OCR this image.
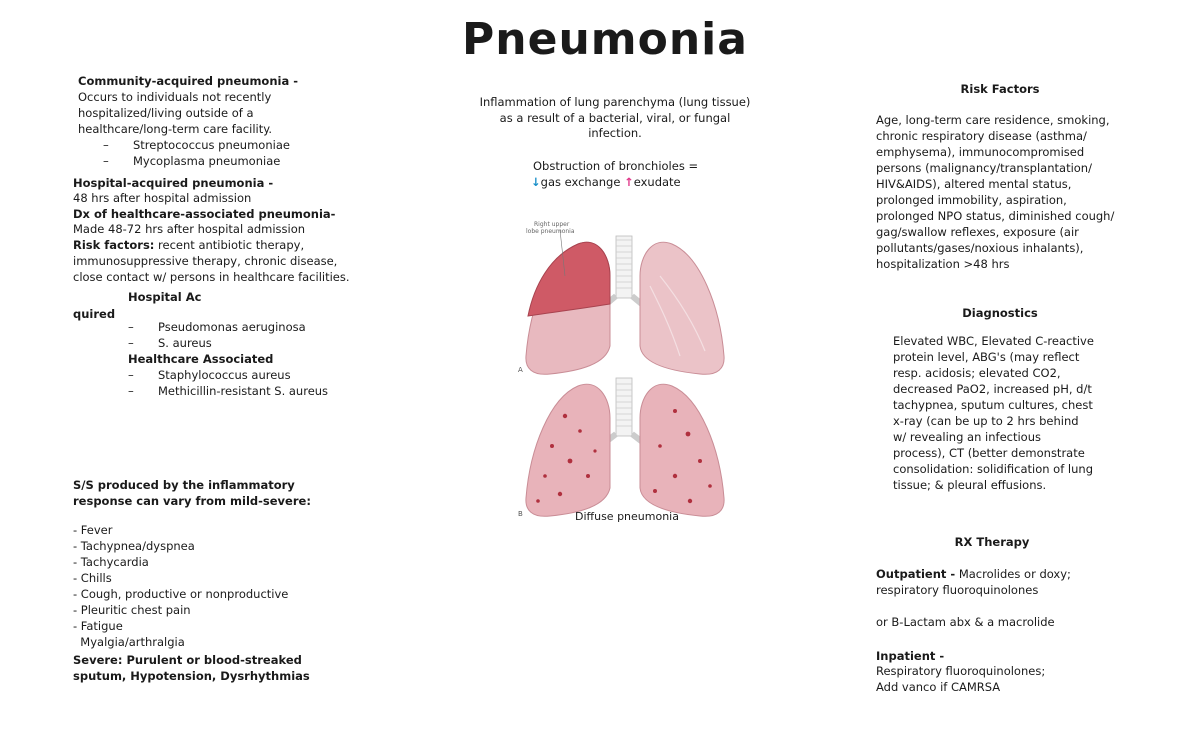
Pneumonia
Community-acquired pneumonia -
Occurs to individuals not recently
hospitalized/living outside of a
healthcare/long-term care facility.
– Streptococcus pneumoniae
– Mycoplasma pneumoniae
Hospital-acquired pneumonia -
48 hrs after hospital admission
Dx of healthcare-associated pneumonia-
Made 48-72 hrs after hospital admission
Risk factors: recent antibiotic therapy,
immunosuppressive therapy, chronic disease,
close contact w/ persons in healthcare facilities.
Hospital Ac
quired
– Pseudomonas aeruginosa
– S. aureus
Healthcare Associated
– Staphylococcus aureus
– Methicillin-resistant S. aureus
S/S produced by the inflammatory
response can vary from mild-severe:
- Fever
- Tachypnea/dyspnea
- Tachycardia
- Chills
- Cough, productive or nonproductive
- Pleuritic chest pain
- Fatigue
Myalgia/arthralgia
Severe: Purulent or blood-streaked
sputum, Hypotension, Dysrhythmias
Inflammation of lung parenchyma (lung tissue)
as a result of a bacterial, viral, or fungal
infection.
Obstruction of bronchioles =
↓gas exchange ↑exudate
Right upper
lobe pneumonia
A
B	Diffuse pneumonia
Risk Factors
Age, long-term care residence, smoking,
chronic respiratory disease (asthma/
emphysema), immunocompromised
persons (malignancy/transplantation/
HIV&AIDS), altered mental status,
prolonged immobility, aspiration,
prolonged NPO status, diminished cough/
gag/swallow reflexes, exposure (air
pollutants/gases/noxious inhalants),
hospitalization >48 hrs
Diagnostics
Elevated WBC, Elevated C-reactive
protein level, ABG's (may reflect
resp. acidosis; elevated CO2,
decreased PaO2, increased pH, d/t
tachypnea, sputum cultures, chest
x-ray (can be up to 2 hrs behind
w/ revealing an infectious
process), CT (better demonstrate
consolidation: solidification of lung
tissue; & pleural effusions.
RX Therapy
Outpatient - Macrolides or doxy;
respiratory fluoroquinolones
or B-Lactam abx & a macrolide
Inpatient -
Respiratory fluoroquinolones;
Add vanco if CAMRSA
